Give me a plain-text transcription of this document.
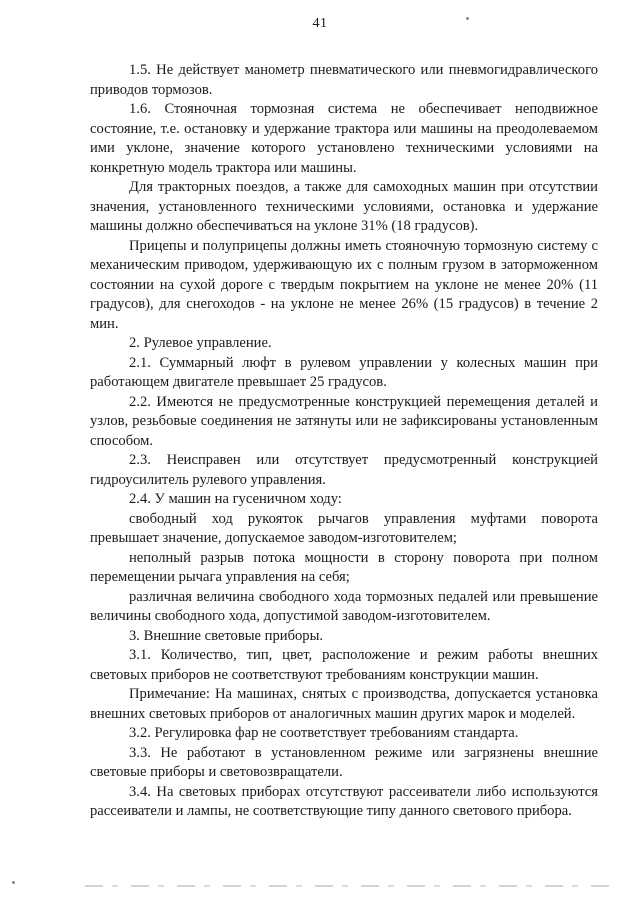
41

1.5. Не действует манометр пневматического или пневмогидравлического приводов тормозов.

1.6. Стояночная тормозная система не обеспечивает неподвижное состояние, т.е. остановку и удержание трактора или машины на преодолеваемом ими уклоне, значение которого установлено техническими условиями на конкретную модель трактора или машины.

Для тракторных поездов, а также для самоходных машин при отсутствии значения, установленного техническими условиями, остановка и удержание машины должно обеспечиваться на уклоне 31% (18 градусов).

Прицепы и полуприцепы должны иметь стояночную тормозную систему с механическим приводом, удерживающую их с полным грузом в заторможенном состоянии на сухой дороге с твердым покрытием на уклоне не менее 20% (11 градусов), для снегоходов - на уклоне не менее 26% (15 градусов) в течение 2 мин.

2. Рулевое управление.

2.1. Суммарный люфт в рулевом управлении у колесных машин при работающем двигателе превышает 25 градусов.

2.2. Имеются не предусмотренные конструкцией перемещения деталей и узлов, резьбовые соединения не затянуты или не зафиксированы установленным способом.

2.3. Неисправен или отсутствует предусмотренный конструкцией гидроусилитель рулевого управления.

2.4. У машин на гусеничном ходу:

свободный ход рукояток рычагов управления муфтами поворота превышает значение, допускаемое заводом-изготовителем;

неполный разрыв потока мощности в сторону поворота при полном перемещении рычага управления на себя;

различная величина свободного хода тормозных педалей или превышение величины свободного хода, допустимой заводом-изготовителем.

3. Внешние световые приборы.

3.1. Количество, тип, цвет, расположение и режим работы внешних световых приборов не соответствуют требованиям конструкции машин.

Примечание: На машинах, снятых с производства, допускается установка внешних световых приборов от аналогичных машин других марок и моделей.

3.2. Регулировка фар не соответствует требованиям стандарта.

3.3. Не работают в установленном режиме или загрязнены внешние световые приборы и световозвращатели.

3.4. На световых приборах отсутствуют рассеиватели либо используются рассеиватели и лампы, не соответствующие типу данного светового прибора.
